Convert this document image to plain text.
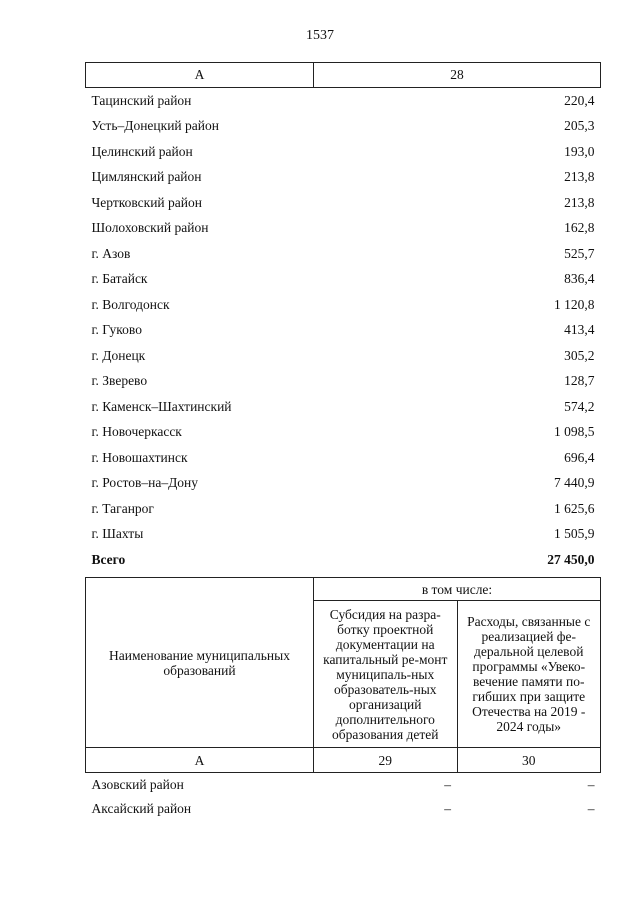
1537
А	28
Тацинский район	220,4
Усть–Донецкий район	205,3
Целинский район	193,0
Цимлянский район	213,8
Чертковский район	213,8
Шолоховский район	162,8
г. Азов	525,7
г. Батайск	836,4
г. Волгодонск	1 120,8
г. Гуково	413,4
г. Донецк	305,2
г. Зверево	128,7
г. Каменск–Шахтинский	574,2
г. Новочеркасск	1 098,5
г. Новошахтинск	696,4
г. Ростов–на–Дону	7 440,9
г. Таганрог	1 625,6
г. Шахты	1 505,9
Всего	27 450,0
Наименование муниципальных образований	в том числе:	
	Субсидия на разра-ботку проектной документации на капитальный ре-монт муниципаль-ных образователь-ных организаций дополнительного образования детей	Расходы, связанные с реализацией фе-деральной целевой программы «Увеко-вечение памяти по-гибших при защите Отечества на 2019 - 2024 годы»
А	29	30
Азовский район	–	–
Аксайский район	–	–
